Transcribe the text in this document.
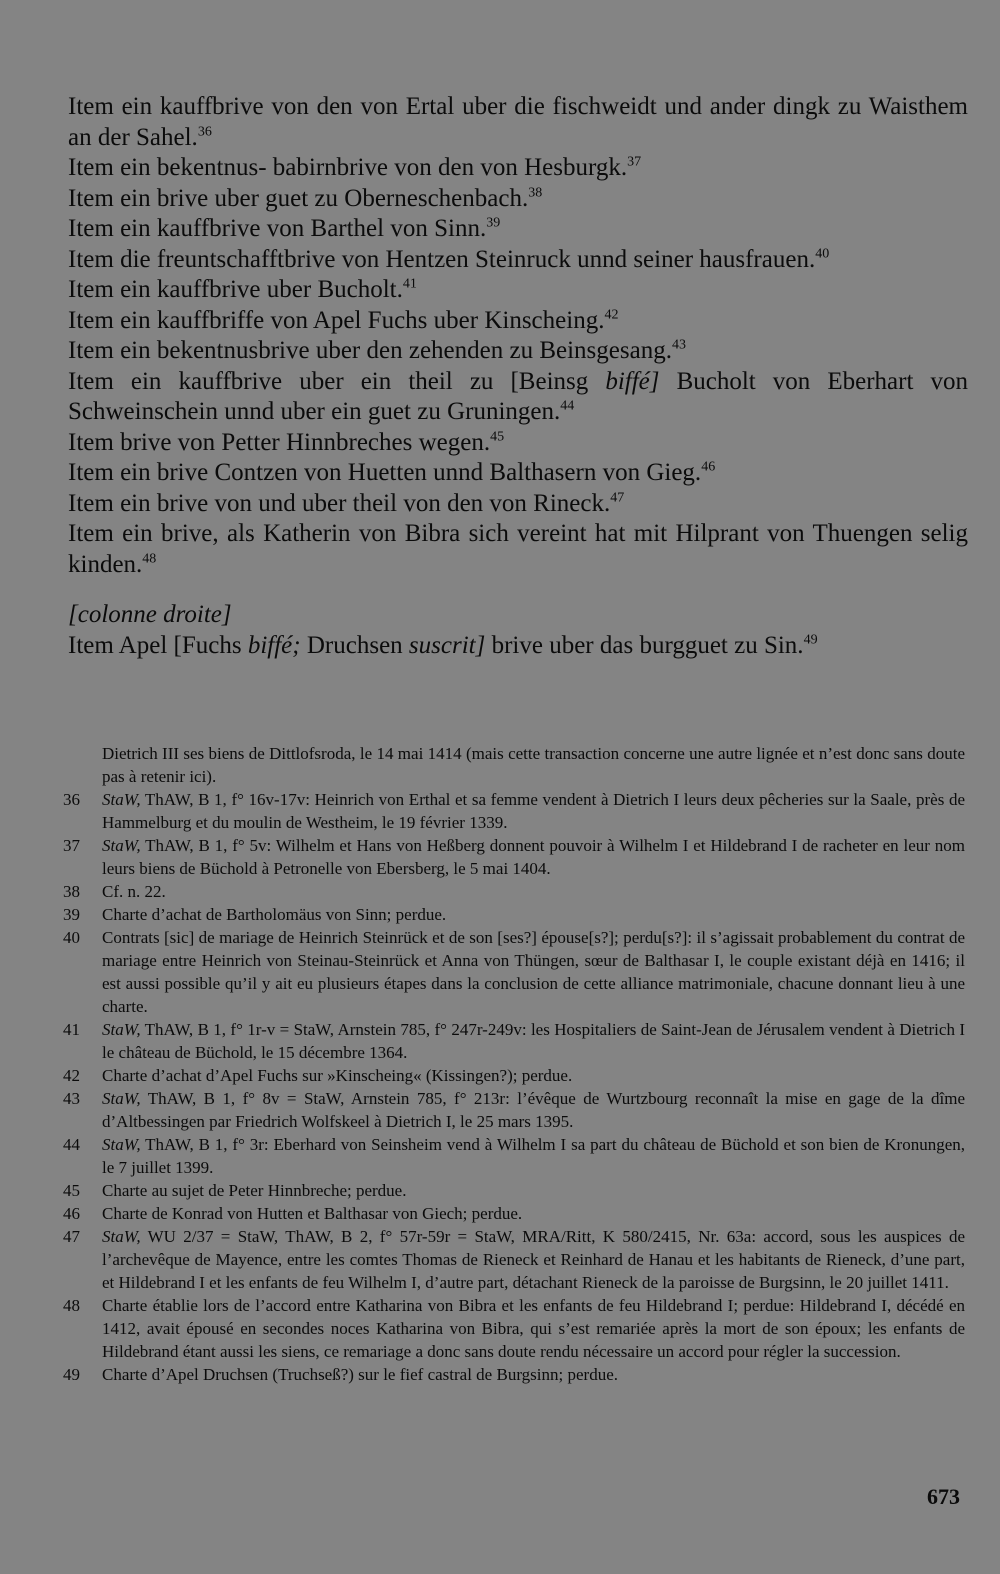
Item ein kauffbrive von den von Ertal uber die fischweidt und ander dingk zu Waisthem an der Sahel.$^{36}$

Item ein bekentnus- babirnbrive von den von Hesburgk.$^{37}$

Item ein brive uber guet zu Oberneschenbach.$^{38}$

Item ein kauffbrive von Barthel von Sinn.$^{39}$

Item die freuntschafftbrive von Hentzen Steinruck unnd seiner hausfrauen.$^{40}$

Item ein kauffbrive uber Bucholt.$^{41}$

Item ein kauffbriffe von Apel Fuchs uber Kinscheing.$^{42}$

Item ein bekentnusbrive uber den zehenden zu Beinsgesang.$^{43}$

Item ein kauffbrive uber ein theil zu [Beinsg biffé] Bucholt von Eberhart von Schweinschein unnd uber ein guet zu Gruningen.$^{44}$

Item brive von Petter Hinnbreches wegen.$^{45}$

Item ein brive Contzen von Huetten unnd Balthasern von Gieg.$^{46}$

Item ein brive von und uber theil von den von Rineck.$^{47}$

Item ein brive, als Katherin von Bibra sich vereint hat mit Hilprant von Thuengen selig kinden.$^{48}$

[colonne droite]

Item Apel [Fuchs biffé; Druchsen suscrit] brive uber das burgguet zu Sin.$^{49}$

Dietrich III ses biens de Dittlofsroda, le 14 mai 1414 (mais cette transaction concerne une autre lignée et n’est donc sans doute pas à retenir ici).
36	StaW, ThAW, B 1, f° 16v-17v: Heinrich von Erthal et sa femme vendent à Dietrich I leurs deux pêcheries sur la Saale, près de Hammelburg et du moulin de Westheim, le 19 février 1339.
37	StaW, ThAW, B 1, f° 5v: Wilhelm et Hans von Heßberg donnent pouvoir à Wilhelm I et Hildebrand I de racheter en leur nom leurs biens de Büchold à Petronelle von Ebersberg, le 5 mai 1404.
38	Cf. n. 22.
39	Charte d’achat de Bartholomäus von Sinn; perdue.
40	Contrats [sic] de mariage de Heinrich Steinrück et de son [ses?] épouse[s?]; perdu[s?]: il s’agissait probablement du contrat de mariage entre Heinrich von Steinau-Steinrück et Anna von Thüngen, sœur de Balthasar I, le couple existant déjà en 1416; il est aussi possible qu’il y ait eu plusieurs étapes dans la conclusion de cette alliance matrimoniale, chacune donnant lieu à une charte.
41	StaW, ThAW, B 1, f° 1r-v = StaW, Arnstein 785, f° 247r-249v: les Hospitaliers de Saint-Jean de Jérusalem vendent à Dietrich I le château de Büchold, le 15 décembre 1364.
42	Charte d’achat d’Apel Fuchs sur »Kinscheing« (Kissingen?); perdue.
43	StaW, ThAW, B 1, f° 8v = StaW, Arnstein 785, f° 213r: l’évêque de Wurtzbourg reconnaît la mise en gage de la dîme d’Altbessingen par Friedrich Wolfskeel à Dietrich I, le 25 mars 1395.
44	StaW, ThAW, B 1, f° 3r: Eberhard von Seinsheim vend à Wilhelm I sa part du château de Büchold et son bien de Kronungen, le 7 juillet 1399.
45	Charte au sujet de Peter Hinnbreche; perdue.
46	Charte de Konrad von Hutten et Balthasar von Giech; perdue.
47	StaW, WU 2/37 = StaW, ThAW, B 2, f° 57r-59r = StaW, MRA/Ritt, K 580/2415, Nr. 63a: accord, sous les auspices de l’archevêque de Mayence, entre les comtes Thomas de Rieneck et Reinhard de Hanau et les habitants de Rieneck, d’une part, et Hildebrand I et les enfants de feu Wilhelm I, d’autre part, détachant Rieneck de la paroisse de Burgsinn, le 20 juillet 1411.
48	Charte établie lors de l’accord entre Katharina von Bibra et les enfants de feu Hildebrand I; perdue: Hildebrand I, décédé en 1412, avait épousé en secondes noces Katharina von Bibra, qui s’est remariée après la mort de son époux; les enfants de Hildebrand étant aussi les siens, ce remariage a donc sans doute rendu nécessaire un accord pour régler la succession.
49	Charte d’Apel Druchsen (Truchseß?) sur le fief castral de Burgsinn; perdue.
673
